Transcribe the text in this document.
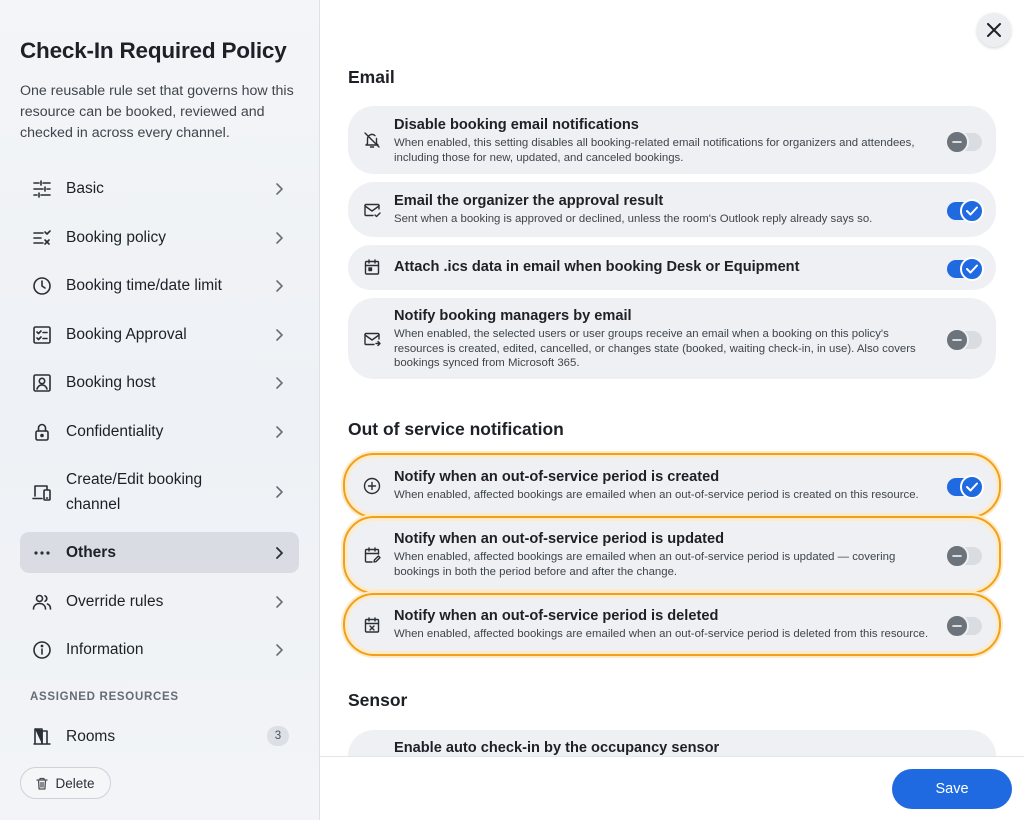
Check-In Required Policy
One reusable rule set that governs how this resource can be booked, reviewed and checked in across every channel.
Basic
Booking policy
Booking time/date limit
Booking Approval
Booking host
Confidentiality
Create/Edit booking channel
Others
Override rules
Information
ASSIGNED RESOURCES
Rooms	3
Delete
Email
Disable booking email notifications
When enabled, this setting disables all booking-related email notifications for organizers and attendees, including those for new, updated, and canceled bookings.
Email the organizer the approval result
Sent when a booking is approved or declined, unless the room's Outlook reply already says so.
Attach .ics data in email when booking Desk or Equipment
Notify booking managers by email
When enabled, the selected users or user groups receive an email when a booking on this policy's resources is created, edited, cancelled, or changes state (booked, waiting check-in, in use). Also covers bookings synced from Microsoft 365.
Out of service notification
Notify when an out-of-service period is created
When enabled, affected bookings are emailed when an out-of-service period is created on this resource.
Notify when an out-of-service period is updated
When enabled, affected bookings are emailed when an out-of-service period is updated — covering bookings in both the period before and after the change.
Notify when an out-of-service period is deleted
When enabled, affected bookings are emailed when an out-of-service period is deleted from this resource.
Sensor
Enable auto check-in by the occupancy sensor
Save
